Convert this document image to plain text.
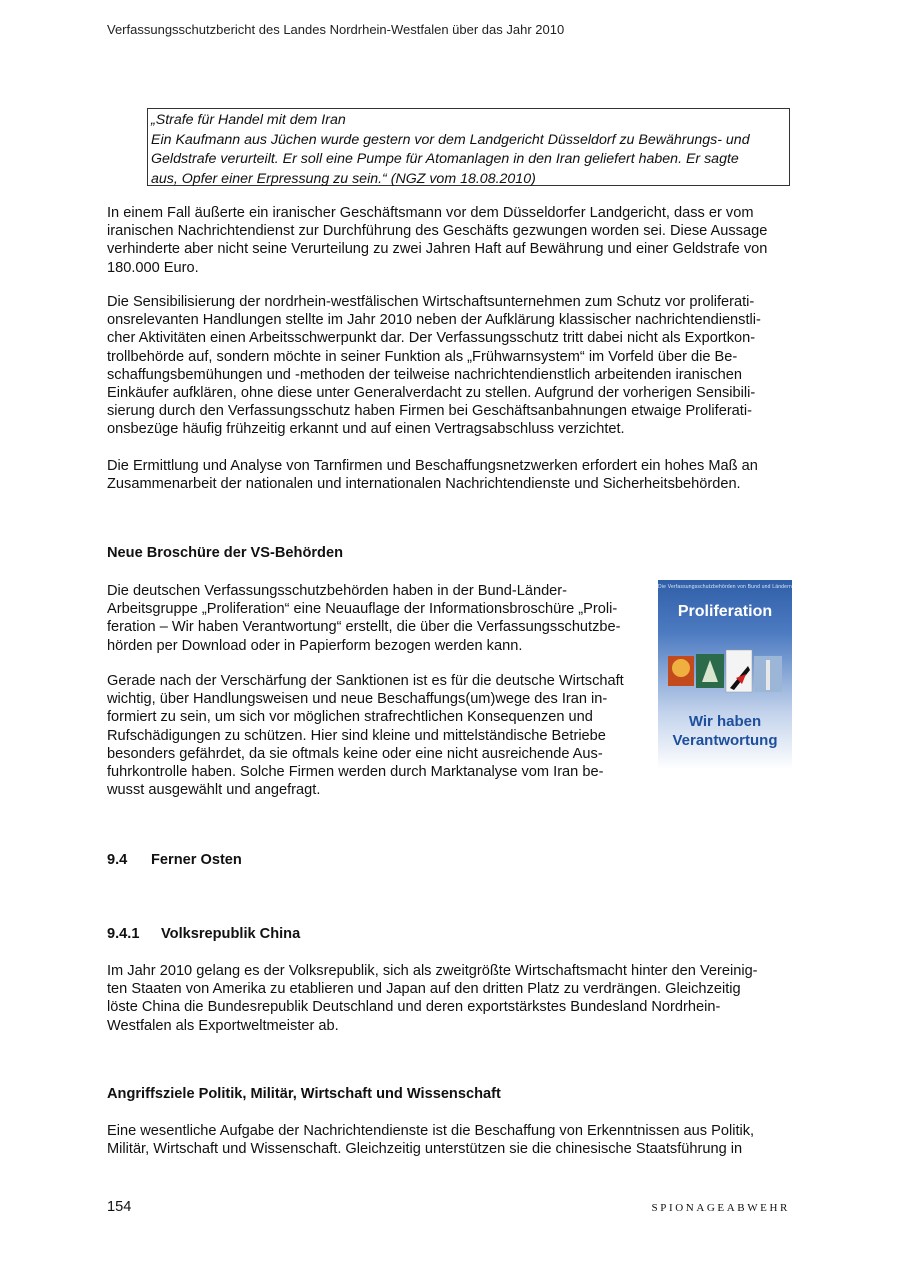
Verfassungsschutzbericht des Landes Nordrhein-Westfalen über das Jahr 2010
„Strafe für Handel mit dem Iran
Ein Kaufmann aus Jüchen wurde gestern vor dem Landgericht Düsseldorf zu Bewährungs- und
Geldstrafe verurteilt. Er soll eine Pumpe für Atomanlagen in den Iran geliefert haben. Er sagte
aus, Opfer einer Erpressung zu sein.“ (NGZ vom 18.08.2010)

In einem Fall äußerte ein iranischer Geschäftsmann vor dem Düsseldorfer Landgericht, dass er vom

iranischen Nachrichtendienst zur Durchführung des Geschäfts gezwungen worden sei. Diese Aussage

verhinderte aber nicht seine Verurteilung zu zwei Jahren Haft auf Bewährung und einer Geldstrafe von

180.000 Euro.

Die Sensibilisierung der nordrhein-westfälischen Wirtschaftsunternehmen zum Schutz vor proliferati-

onsrelevanten Handlungen stellte im Jahr 2010 neben der Aufklärung klassischer nachrichtendienstli-

cher Aktivitäten einen Arbeitsschwerpunkt dar. Der Verfassungsschutz tritt dabei nicht als Exportkon-

trollbehörde auf, sondern möchte in seiner Funktion als „Frühwarnsystem“ im Vorfeld über die Be-

schaffungsbemühungen und -methoden der teilweise nachrichtendienstlich arbeitenden iranischen

Einkäufer aufklären, ohne diese unter Generalverdacht zu stellen. Aufgrund der vorherigen Sensibili-

sierung durch den Verfassungsschutz haben Firmen bei Geschäftsanbahnungen etwaige Proliferati-

onsbezüge häufig frühzeitig erkannt und auf einen Vertragsabschluss verzichtet.

Die Ermittlung und Analyse von Tarnfirmen und Beschaffungsnetzwerken erfordert ein hohes Maß an

Zusammenarbeit der nationalen und internationalen Nachrichtendienste und Sicherheitsbehörden.

Neue Broschüre der VS-Behörden

Die deutschen Verfassungsschutzbehörden haben in der Bund-Länder-

Arbeitsgruppe „Proliferation“ eine Neuauflage der Informationsbroschüre „Proli-

feration – Wir haben Verantwortung“ erstellt, die über die Verfassungsschutzbe-

hörden per Download oder in Papierform bezogen werden kann.

Gerade nach der Verschärfung der Sanktionen ist es für die deutsche Wirtschaft

wichtig, über Handlungsweisen und neue Beschaffungs(um)wege des Iran in-

formiert zu sein, um sich vor möglichen strafrechtlichen Konsequenzen und

Rufschädigungen zu schützen. Hier sind kleine und mittelständische Betriebe

besonders gefährdet, da sie oftmals keine oder eine nicht ausreichende Aus-

fuhrkontrolle haben. Solche Firmen werden durch Marktanalyse vom Iran be-

wusst ausgewählt und angefragt.

Die Verfassungsschutzbehörden von Bund und Ländern
Proliferation
Wir haben
Verantwortung
9.4 Ferner Osten
9.4.1 Volksrepublik China

Im Jahr 2010 gelang es der Volksrepublik, sich als zweitgrößte Wirtschaftsmacht hinter den Vereinig-

ten Staaten von Amerika zu etablieren und Japan auf den dritten Platz zu verdrängen. Gleichzeitig

löste China die Bundesrepublik Deutschland und deren exportstärkstes Bundesland Nordrhein-

Westfalen als Exportweltmeister ab.

Angriffsziele Politik, Militär, Wirtschaft und Wissenschaft

Eine wesentliche Aufgabe der Nachrichtendienste ist die Beschaffung von Erkenntnissen aus Politik,

Militär, Wirtschaft und Wissenschaft. Gleichzeitig unterstützen sie die chinesische Staatsführung in

154	SPIONAGEABWEHR
